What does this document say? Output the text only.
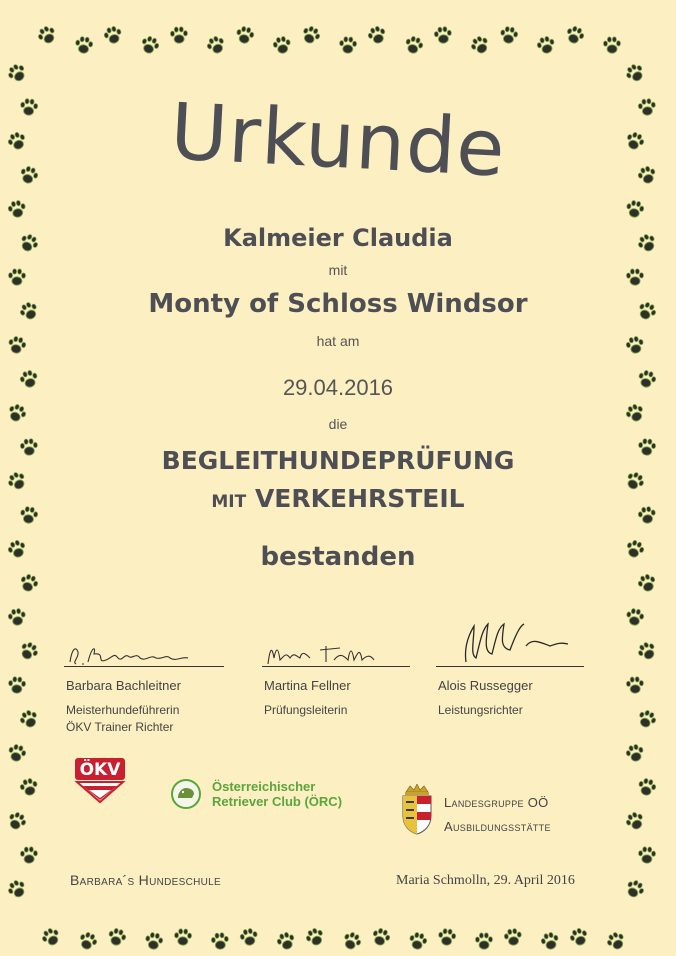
Urkunde
Kalmeier Claudia
mit
Monty of Schloss Windsor
hat am
29.04.2016
die
BEGLEITHUNDEPRÜFUNG
MIT VERKEHRSTEIL
bestanden
Barbara Bachleitner
Meisterhundeführerin
ÖKV Trainer Richter
Martina Fellner
Prüfungsleiterin
Alois Russegger
Leistungsrichter
ÖKV
Österreichischer
Retriever Club (ÖRC)	Landesgruppe OÖ
Ausbildungsstätte
Barbara´s Hundeschule	Maria Schmolln, 29. April 2016
